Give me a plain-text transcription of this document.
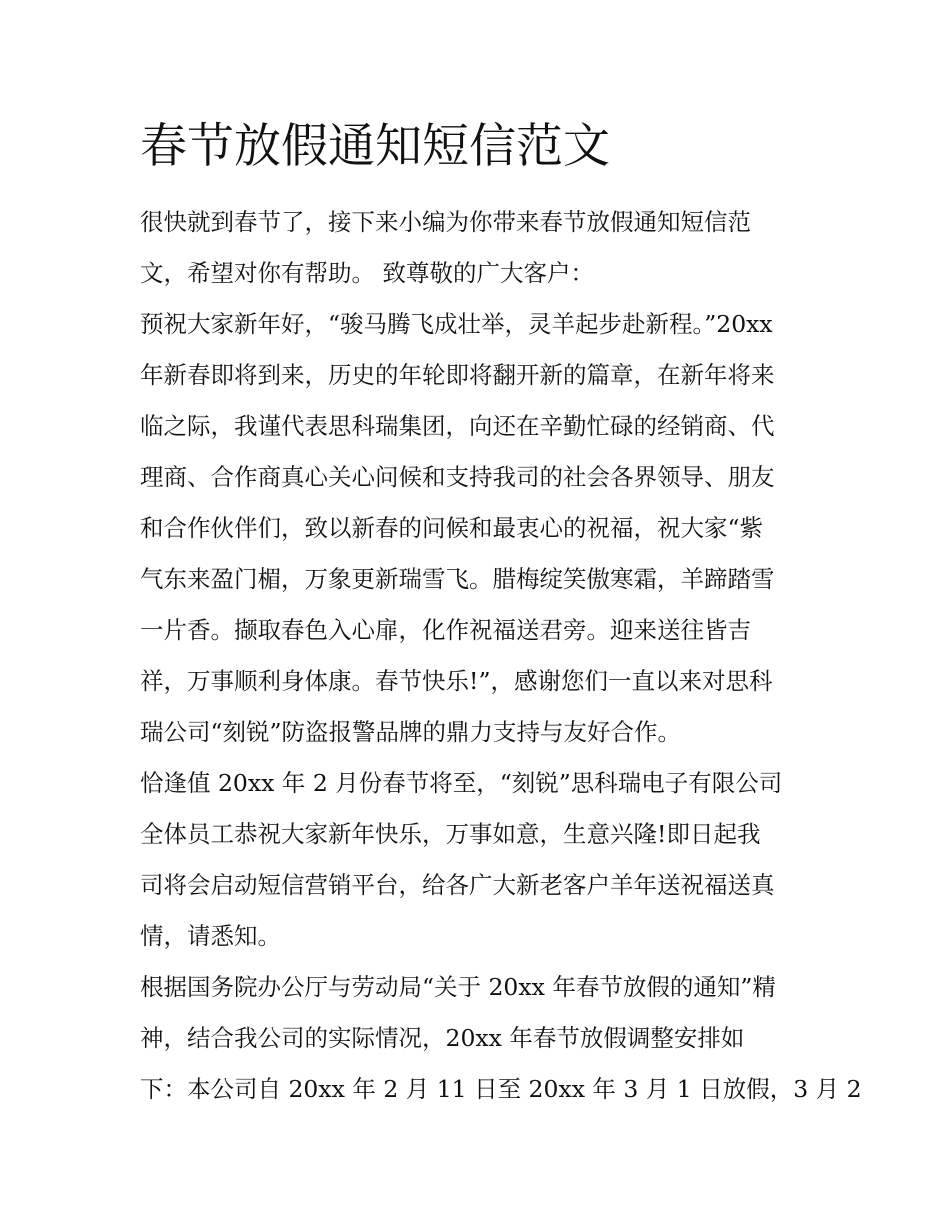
春节放假通知短信范文

很快就到春节了，接下来小编为你带来春节放假通知短信范

文，希望对你有帮助。 致尊敬的广大客户：

预祝大家新年好，“骏马腾飞成壮举，灵羊起步赴新程。”20xx

年新春即将到来，历史的年轮即将翻开新的篇章，在新年将来

临之际，我谨代表思科瑞集团，向还在辛勤忙碌的经销商、代

理商、合作商真心关心问候和支持我司的社会各界领导、朋友

和合作伙伴们，致以新春的问候和最衷心的祝福，祝大家“紫

气东来盈门楣，万象更新瑞雪飞。腊梅绽笑傲寒霜，羊蹄踏雪

一片香。撷取春色入心扉，化作祝福送君旁。迎来送往皆吉

祥，万事顺利身体康。春节快乐!”，感谢您们一直以来对思科

瑞公司“刻锐”防盗报警品牌的鼎力支持与友好合作。

恰逢值 20xx 年 2 月份春节将至，“刻锐”思科瑞电子有限公司

全体员工恭祝大家新年快乐，万事如意，生意兴隆!即日起我

司将会启动短信营销平台，给各广大新老客户羊年送祝福送真

情，请悉知。

根据国务院办公厅与劳动局“关于 20xx 年春节放假的通知”精

神，结合我公司的实际情况，20xx 年春节放假调整安排如

下：本公司自 20xx 年 2 月 11 日至 20xx 年 3 月 1 日放假，3 月 2
